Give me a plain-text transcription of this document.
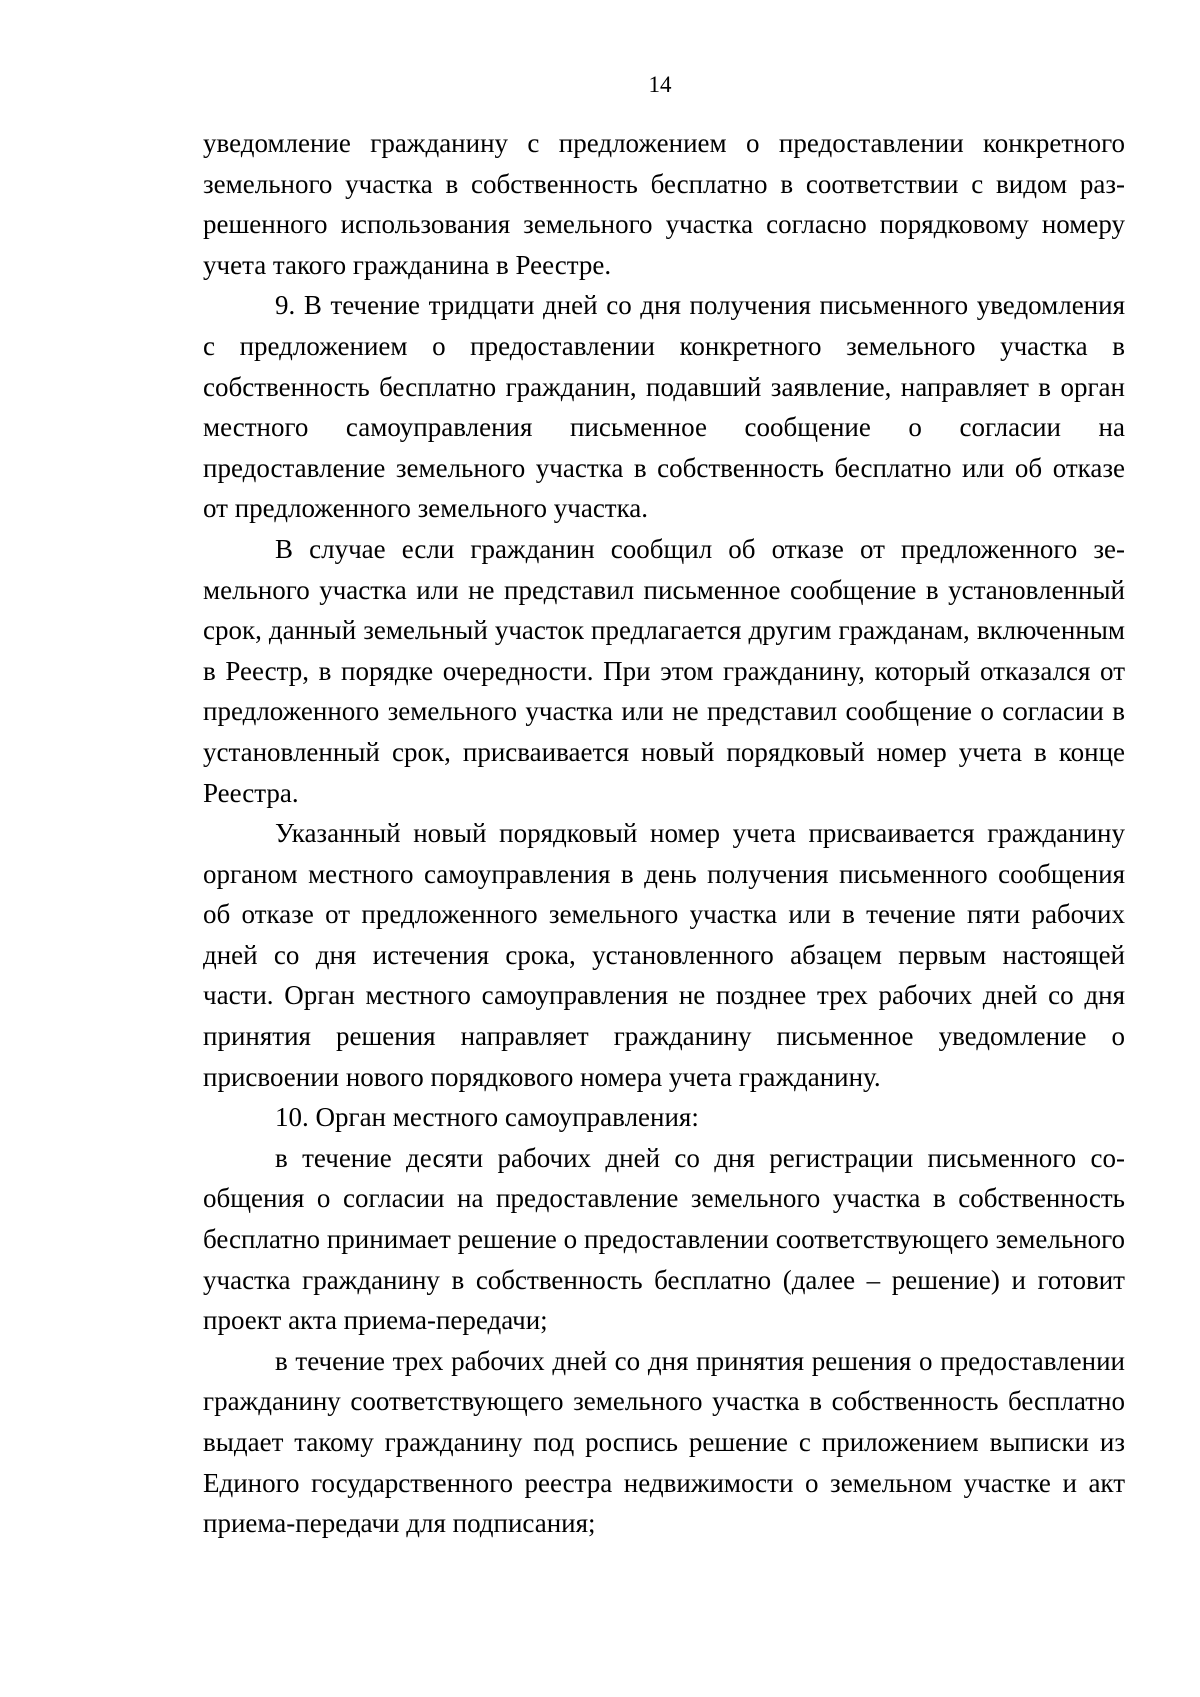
14

уведомление гражданину с предложением о предоставлении конкретного земельного участка в собственность бесплатно в соответствии с видом разрешенного использования земельного участка согласно порядковому номеру учета такого гражданина в Реестре.

9. В течение тридцати дней со дня получения письменного уведомления с предложением о предоставлении конкретного земельного участка в собственность бесплатно гражданин, подавший заявление, направляет в орган местного самоуправления письменное сообщение о согласии на предоставление земельного участка в собственность бесплатно или об отказе от предложенного земельного участка.

В случае если гражданин сообщил об отказе от предложенного земельного участка или не представил письменное сообщение в установленный срок, данный земельный участок предлагается другим гражданам, включенным в Реестр, в порядке очередности. При этом гражданину, который отказался от предложенного земельного участка или не представил сообщение о согласии в установленный срок, присваивается новый порядковый номер учета в конце Реестра.

Указанный новый порядковый номер учета присваивается гражданину органом местного самоуправления в день получения письменного сообщения об отказе от предложенного земельного участка или в течение пяти рабочих дней со дня истечения срока, установленного абзацем первым настоящей части. Орган местного самоуправления не позднее трех рабочих дней со дня принятия решения направляет гражданину письменное уведомление о присвоении нового порядкового номера учета гражданину.

10. Орган местного самоуправления:

в течение десяти рабочих дней со дня регистрации письменного сообщения о согласии на предоставление земельного участка в собственность бесплатно принимает решение о предоставлении соответствующего земельного участка гражданину в собственность бесплатно (далее – решение) и готовит проект акта приема-передачи;

в течение трех рабочих дней со дня принятия решения о предоставлении гражданину соответствующего земельного участка в собственность бесплатно выдает такому гражданину под роспись решение с приложением выписки из Единого государственного реестра недвижимости о земельном участке и акт приема-передачи для подписания;
